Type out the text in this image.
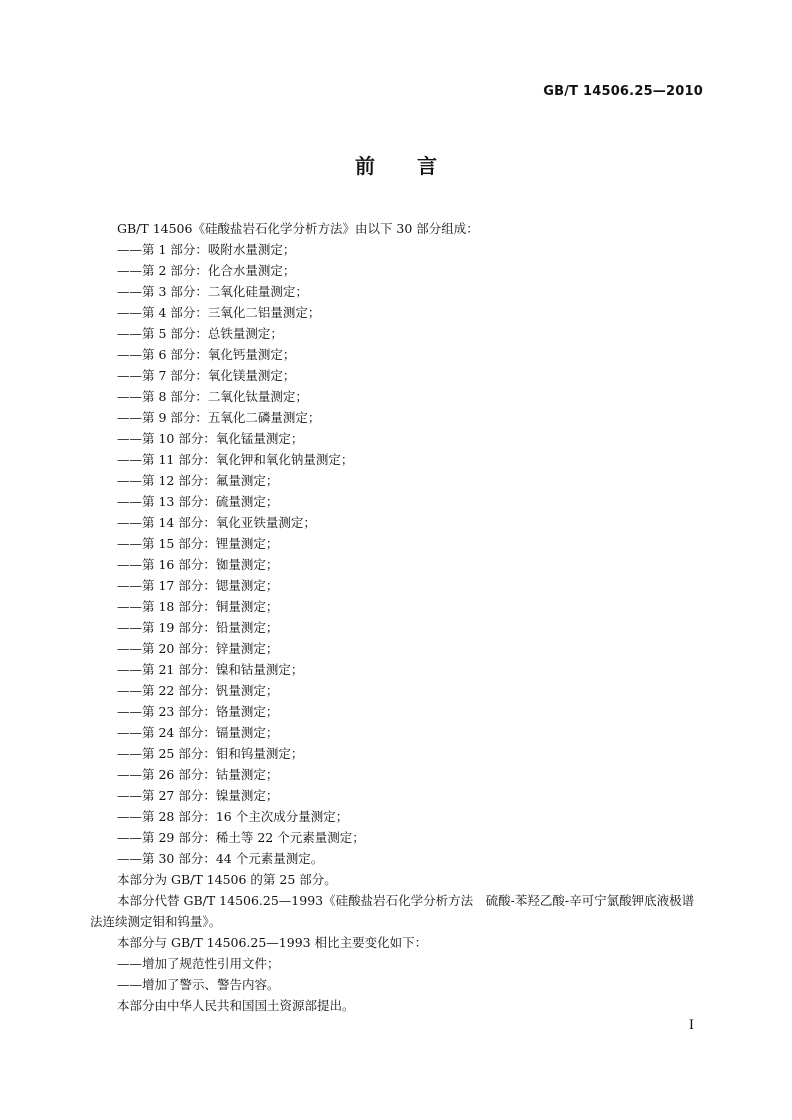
GB/T 14506.25—2010
前 言
GB/T 14506《硅酸盐岩石化学分析方法》由以下 30 部分组成：
——第 1 部分：吸附水量测定；
——第 2 部分：化合水量测定；
——第 3 部分：二氧化硅量测定；
——第 4 部分：三氧化二铝量测定；
——第 5 部分：总铁量测定；
——第 6 部分：氧化钙量测定；
——第 7 部分：氧化镁量测定；
——第 8 部分：二氧化钛量测定；
——第 9 部分：五氧化二磷量测定；
——第 10 部分：氧化锰量测定；
——第 11 部分：氧化钾和氧化钠量测定；
——第 12 部分：氟量测定；
——第 13 部分：硫量测定；
——第 14 部分：氧化亚铁量测定；
——第 15 部分：锂量测定；
——第 16 部分：铷量测定；
——第 17 部分：锶量测定；
——第 18 部分：铜量测定；
——第 19 部分：铅量测定；
——第 20 部分：锌量测定；
——第 21 部分：镍和钴量测定；
——第 22 部分：钒量测定；
——第 23 部分：铬量测定；
——第 24 部分：镉量测定；
——第 25 部分：钼和钨量测定；
——第 26 部分：钴量测定；
——第 27 部分：镍量测定；
——第 28 部分：16 个主次成分量测定；
——第 29 部分：稀土等 22 个元素量测定；
——第 30 部分：44 个元素量测定。
本部分为 GB/T 14506 的第 25 部分。
本部分代替 GB/T 14506.25—1993《硅酸盐岩石化学分析方法　硫酸-苯羟乙酸-辛可宁氯酸钾底液极谱法连续测定钼和钨量》。
本部分与 GB/T 14506.25—1993 相比主要变化如下：
——增加了规范性引用文件；
——增加了警示、警告内容。
本部分由中华人民共和国国土资源部提出。
I
